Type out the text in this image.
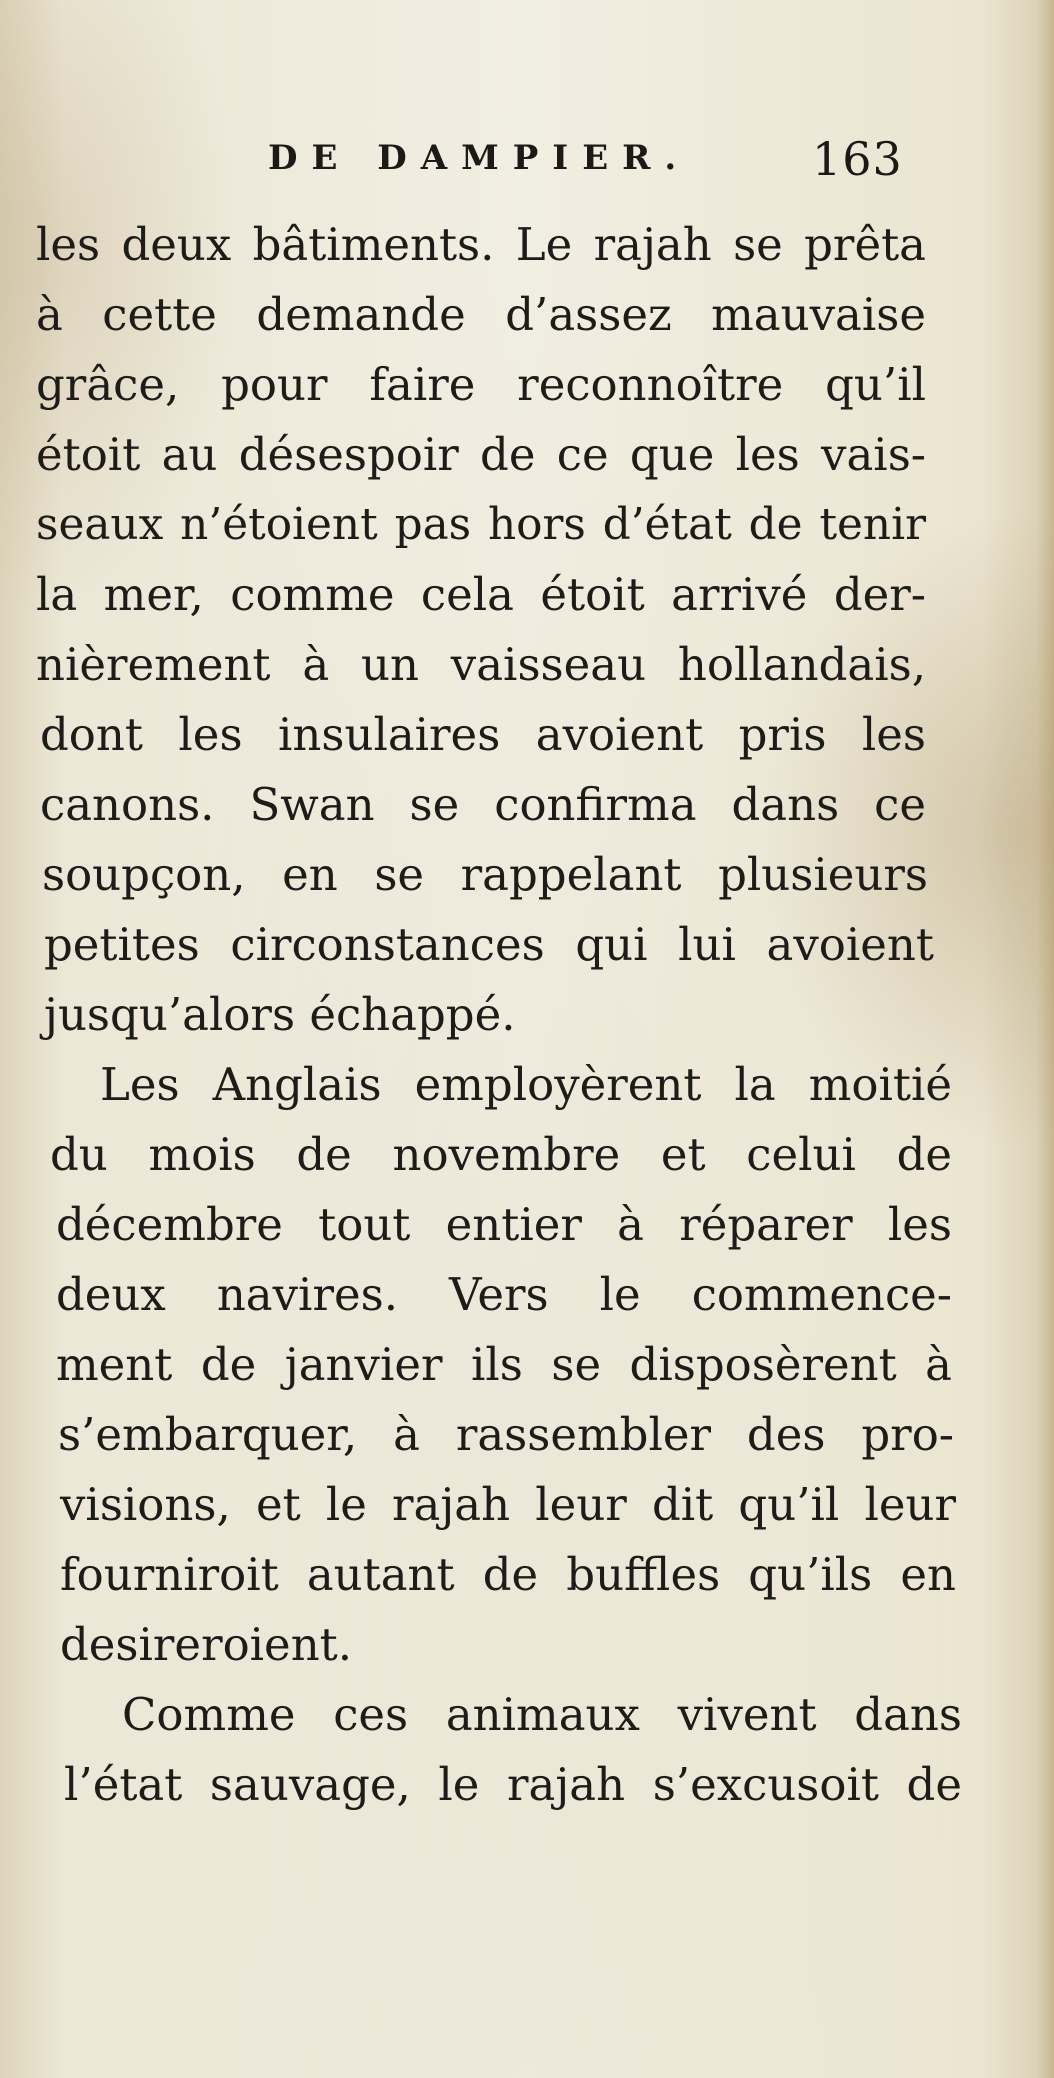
DE DAMPIER.	163
les deux bâtiments. Le rajah se prêta
à cette demande d’assez mauvaise
grâce, pour faire reconnoître qu’il
étoit au désespoir de ce que les vais-
seaux n’étoient pas hors d’état de tenir
la mer, comme cela étoit arrivé der-
nièrement à un vaisseau hollandais,
dont les insulaires avoient pris les
canons. Swan se confirma dans ce
soupçon, en se rappelant plusieurs
petites circonstances qui lui avoient
jusqu’alors échappé.
Les Anglais employèrent la moitié
du mois de novembre et celui de
décembre tout entier à réparer les
deux navires. Vers le commence-
ment de janvier ils se disposèrent à
s’embarquer, à rassembler des pro-
visions, et le rajah leur dit qu’il leur
fourniroit autant de buffles qu’ils en
desireroient.
Comme ces animaux vivent dans
l’état sauvage, le rajah s’excusoit de
